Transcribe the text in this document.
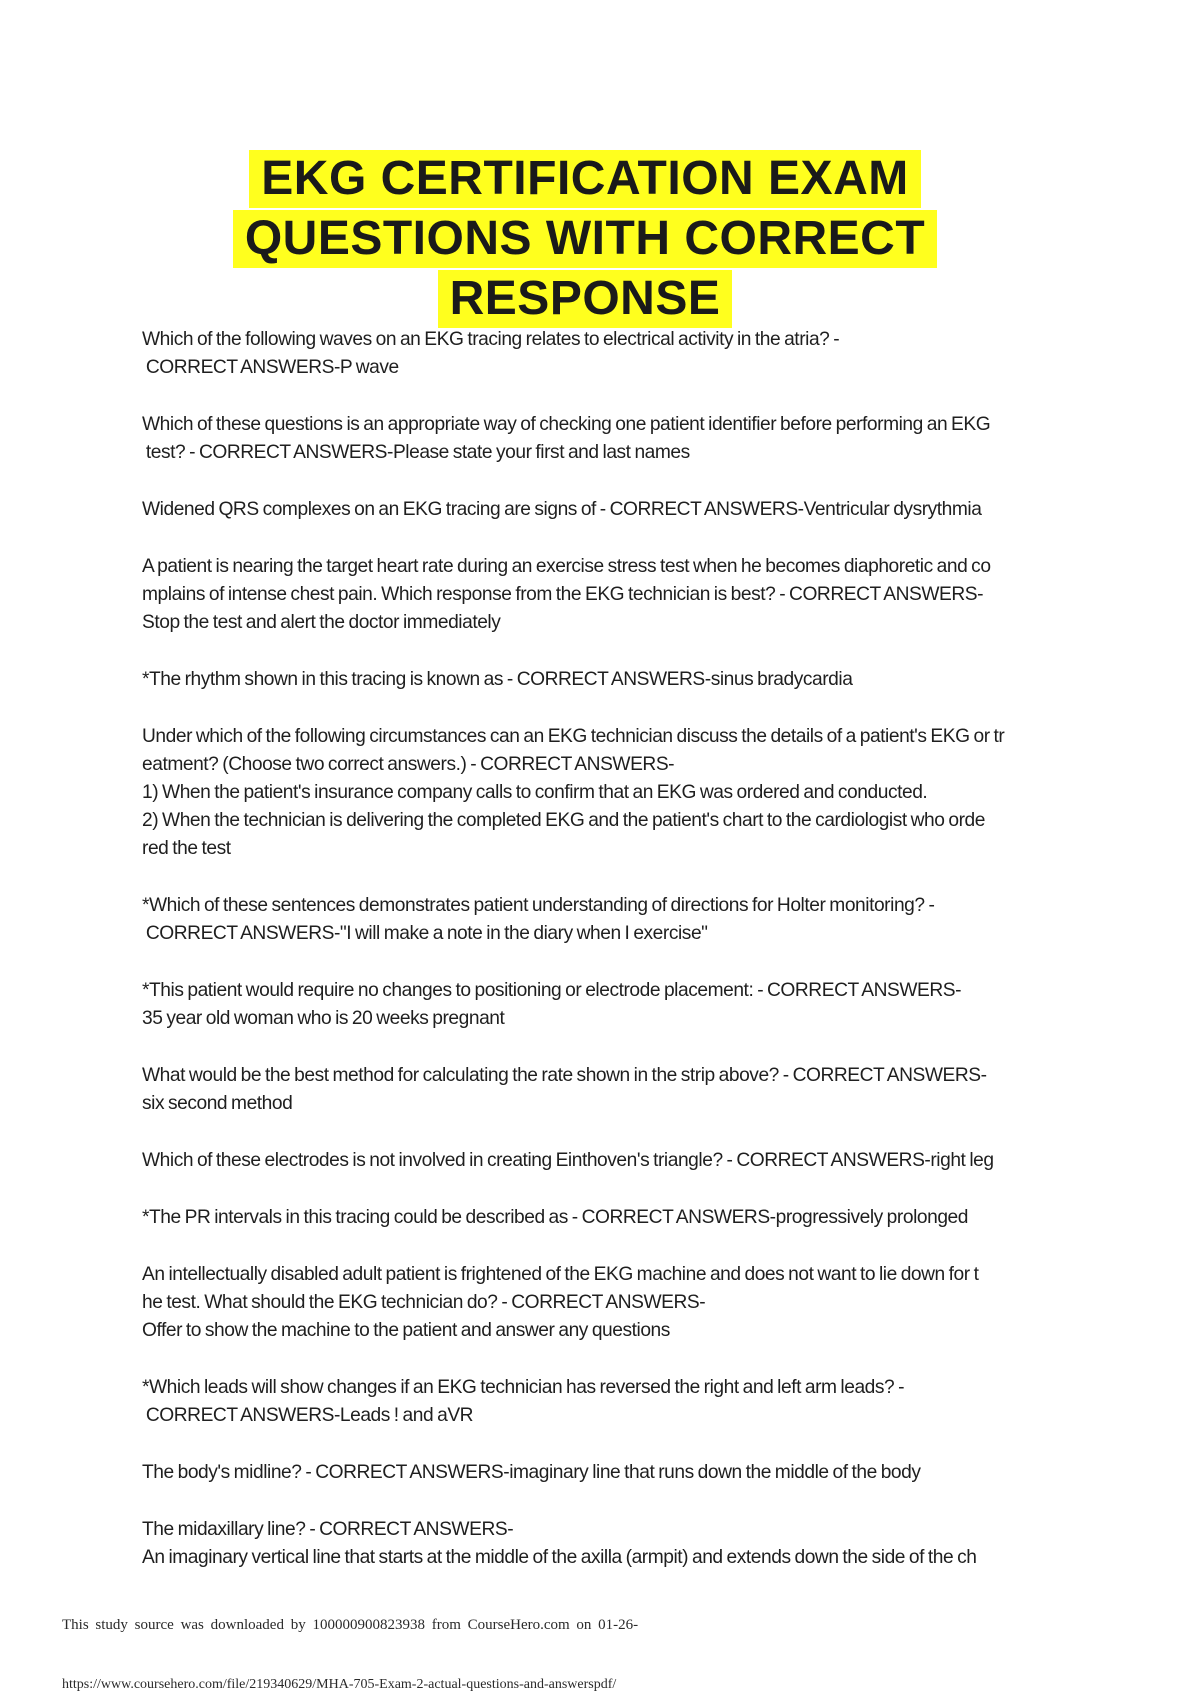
EKG CERTIFICATION EXAM
QUESTIONS WITH CORRECT
RESPONSE
Which of the following waves on an EKG tracing relates to electrical activity in the atria? -
CORRECT ANSWERS-P wave
Which of these questions is an appropriate way of checking one patient identifier before performing an EKG
test? - CORRECT ANSWERS-Please state your first and last names
Widened QRS complexes on an EKG tracing are signs of - CORRECT ANSWERS-Ventricular dysrythmia
A patient is nearing the target heart rate during an exercise stress test when he becomes diaphoretic and co
mplains of intense chest pain. Which response from the EKG technician is best? - CORRECT ANSWERS-
Stop the test and alert the doctor immediately
*The rhythm shown in this tracing is known as - CORRECT ANSWERS-sinus bradycardia
Under which of the following circumstances can an EKG technician discuss the details of a patient's EKG or tr
eatment? (Choose two correct answers.) - CORRECT ANSWERS-
1) When the patient's insurance company calls to confirm that an EKG was ordered and conducted.
2) When the technician is delivering the completed EKG and the patient's chart to the cardiologist who orde
red the test
*Which of these sentences demonstrates patient understanding of directions for Holter monitoring? -
CORRECT ANSWERS-"I will make a note in the diary when I exercise"
*This patient would require no changes to positioning or electrode placement: - CORRECT ANSWERS-
35 year old woman who is 20 weeks pregnant
What would be the best method for calculating the rate shown in the strip above? - CORRECT ANSWERS-
six second method
Which of these electrodes is not involved in creating Einthoven's triangle? - CORRECT ANSWERS-right leg
*The PR intervals in this tracing could be described as - CORRECT ANSWERS-progressively prolonged
An intellectually disabled adult patient is frightened of the EKG machine and does not want to lie down for t
he test. What should the EKG technician do? - CORRECT ANSWERS-
Offer to show the machine to the patient and answer any questions
*Which leads will show changes if an EKG technician has reversed the right and left arm leads? -
CORRECT ANSWERS-Leads ! and aVR
The body's midline? - CORRECT ANSWERS-imaginary line that runs down the middle of the body
The midaxillary line? - CORRECT ANSWERS-
An imaginary vertical line that starts at the middle of the axilla (armpit) and extends down the side of the ch
This study source was downloaded by 100000900823938 from CourseHero.com on 01-26-
https://www.coursehero.com/file/219340629/MHA-705-Exam-2-actual-questions-and-answerspdf/
